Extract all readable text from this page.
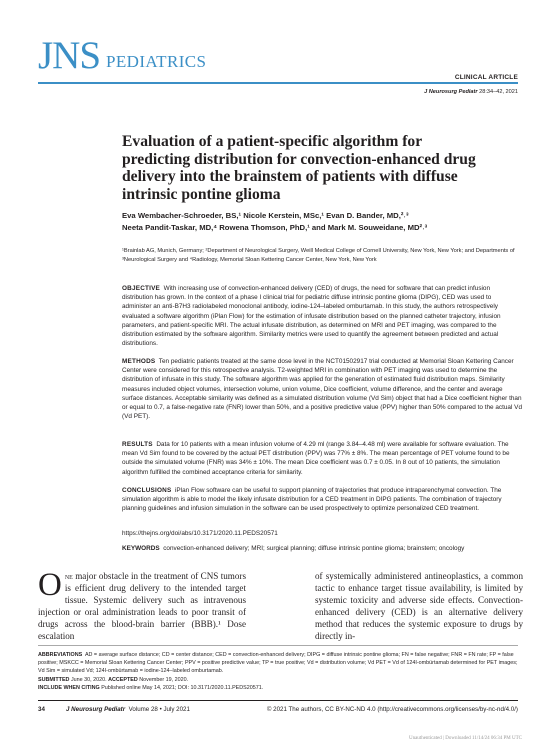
JNS PEDIATRICS
CLINICAL ARTICLE
J Neurosurg Pediatr 28:34–42, 2021
Evaluation of a patient-specific algorithm for predicting distribution for convection-enhanced drug delivery into the brainstem of patients with diffuse intrinsic pontine glioma
Eva Wembacher-Schroeder, BS,¹ Nicole Kerstein, MSc,¹ Evan D. Bander, MD,²˒³
Neeta Pandit-Taskar, MD,⁴ Rowena Thomson, PhD,¹ and Mark M. Souweidane, MD²˒³
¹Brainlab AG, Munich, Germany; ²Department of Neurological Surgery, Weill Medical College of Cornell University, New York, New York; and Departments of ³Neurological Surgery and ⁴Radiology, Memorial Sloan Kettering Cancer Center, New York, New York
OBJECTIVE With increasing use of convection-enhanced delivery (CED) of drugs, the need for software that can predict infusion distribution has grown. In the context of a phase I clinical trial for pediatric diffuse intrinsic pontine glioma (DIPG), CED was used to administer an anti-B7H3 radiolabeled monoclonal antibody, iodine-124–labeled omburtamab. In this study, the authors retrospectively evaluated a software algorithm (iPlan Flow) for the estimation of infusate distribution based on the planned catheter trajectory, infusion parameters, and patient-specific MRI. The actual infusate distribution, as determined on MRI and PET imaging, was compared to the distribution estimated by the software algorithm. Similarity metrics were used to quantify the agreement between predicted and actual distributions.
METHODS Ten pediatric patients treated at the same dose level in the NCT01502917 trial conducted at Memorial Sloan Kettering Cancer Center were considered for this retrospective analysis. T2-weighted MRI in combination with PET imaging was used to determine the distribution of infusate in this study. The software algorithm was applied for the generation of estimated fluid distribution maps. Similarity measures included object volumes, intersection volume, union volume, Dice coefficient, volume difference, and the center and average surface distances. Acceptable similarity was defined as a simulated distribution volume (Vd Sim) object that had a Dice coefficient higher than or equal to 0.7, a false-negative rate (FNR) lower than 50%, and a positive predictive value (PPV) higher than 50% compared to the actual Vd (Vd PET).
RESULTS Data for 10 patients with a mean infusion volume of 4.29 ml (range 3.84–4.48 ml) were available for software evaluation. The mean Vd Sim found to be covered by the actual PET distribution (PPV) was 77% ± 8%. The mean percentage of PET volume found to be outside the simulated volume (FNR) was 34% ± 10%. The mean Dice coefficient was 0.7 ± 0.05. In 8 out of 10 patients, the simulation algorithm fulfilled the combined acceptance criteria for similarity.
CONCLUSIONS iPlan Flow software can be useful to support planning of trajectories that produce intraparenchymal convection. The simulation algorithm is able to model the likely infusate distribution for a CED treatment in DIPG patients. The combination of trajectory planning guidelines and infusion simulation in the software can be used prospectively to optimize personalized CED treatment.
https://thejns.org/doi/abs/10.3171/2020.11.PEDS20571
KEYWORDS convection-enhanced delivery; MRI; surgical planning; diffuse intrinsic pontine glioma; brainstem; oncology
One major obstacle in the treatment of CNS tumors is efficient drug delivery to the intended target tissue. Systemic delivery such as intravenous injection or oral administration leads to poor transit of drugs across the blood-brain barrier (BBB).¹ Dose escalation
of systemically administered antineoplastics, a common tactic to enhance target tissue availability, is limited by systemic toxicity and adverse side effects. Convection-enhanced delivery (CED) is an alternative delivery method that reduces the systemic exposure to drugs by directly in-
ABBREVIATIONS AD = average surface distance; CD = center distance; CED = convection-enhanced delivery; DIPG = diffuse intrinsic pontine glioma; FN = false negative; FNR = FN rate; FP = false positive; MSKCC = Memorial Sloan Kettering Cancer Center; PPV = positive predictive value; TP = true positive; Vd = distribution volume; Vd PET = Vd of 124I-ombürtamab determined for PET images; Vd Sim = simulated Vd; 124I-ombürtamab = iodine-124–labeled omburtamab.
SUBMITTED June 30, 2020. ACCEPTED November 19, 2020.
INCLUDE WHEN CITING Published online May 14, 2021; DOI: 10.3171/2020.11.PEDS20571.
34	J Neurosurg Pediatr Volume 28 • July 2021	© 2021 The authors, CC BY-NC-ND 4.0 (http://creativecommons.org/licenses/by-nc-nd/4.0/)
Unauthenticated | Downloaded 11/14/24 06:34 PM UTC
